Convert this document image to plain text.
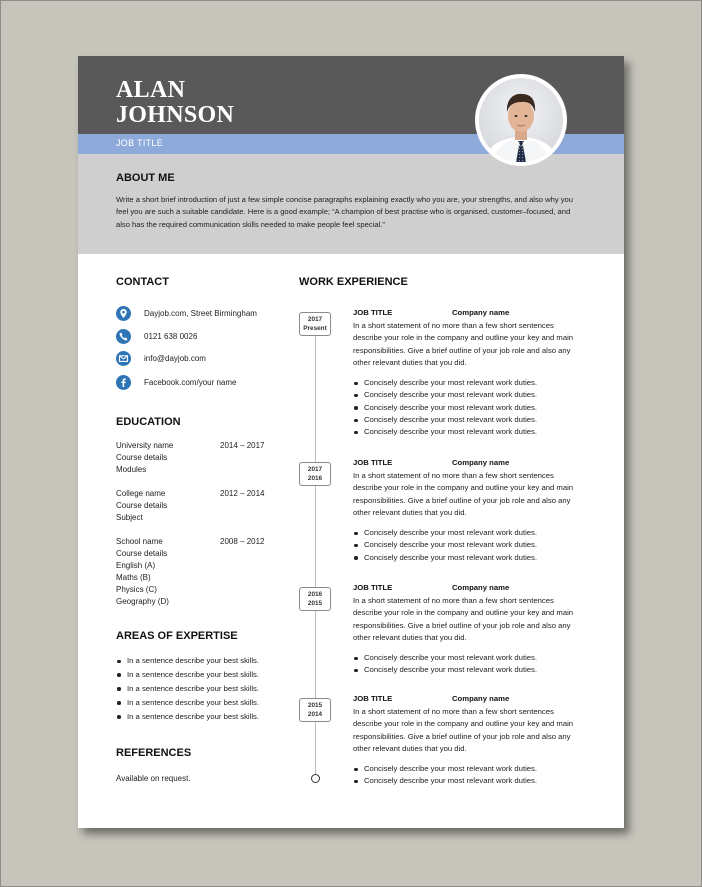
ALAN
JOHNSON
JOB TITLE
ABOUT ME

Write a short brief introduction of just a few simple concise paragraphs explaining exactly who you are, your strengths, and also why you feel you are such a suitable candidate. Here is a good example; “A champion of best practise who is organised, customer–focused, and also has the required communication skills needed to make people feel special.”

CONTACT
Dayjob.com, Street Birmingham
0121 638 0026
info@dayjob.com
Facebook.com/your name
EDUCATION
University name	2014 – 2017
Course details
Modules
College name	2012 – 2014
Course details
Subject
School name	2008 – 2012
Course details
English (A)
Maths (B)
Physics (C)
Geography (D)
AREAS OF EXPERTISE
In a sentence describe your best skills.
In a sentence describe your best skills.
In a sentence describe your best skills.
In a sentence describe your best skills.
In a sentence describe your best skills.
REFERENCES
Available on request.
WORK EXPERIENCE
2017
Present
2017
2016
2016
2015
2015
2014
JOB TITLE	Company name

In a short statement of no more than a few short sentences describe your role in the company and outline your key and main responsibilities. Give a brief outline of your job role and also any other relevant duties that you did.

Concisely describe your most relevant work duties.
Concisely describe your most relevant work duties.
Concisely describe your most relevant work duties.
Concisely describe your most relevant work duties.
Concisely describe your most relevant work duties.
JOB TITLE	Company name

In a short statement of no more than a few short sentences describe your role in the company and outline your key and main responsibilities. Give a brief outline of your job role and also any other relevant duties that you did.

Concisely describe your most relevant work duties.
Concisely describe your most relevant work duties.
Concisely describe your most relevant work duties.
JOB TITLE	Company name

In a short statement of no more than a few short sentences describe your role in the company and outline your key and main responsibilities. Give a brief outline of your job role and also any other relevant duties that you did.

Concisely describe your most relevant work duties.
Concisely describe your most relevant work duties.
JOB TITLE	Company name

In a short statement of no more than a few short sentences describe your role in the company and outline your key and main responsibilities. Give a brief outline of your job role and also any other relevant duties that you did.

Concisely describe your most relevant work duties.
Concisely describe your most relevant work duties.
